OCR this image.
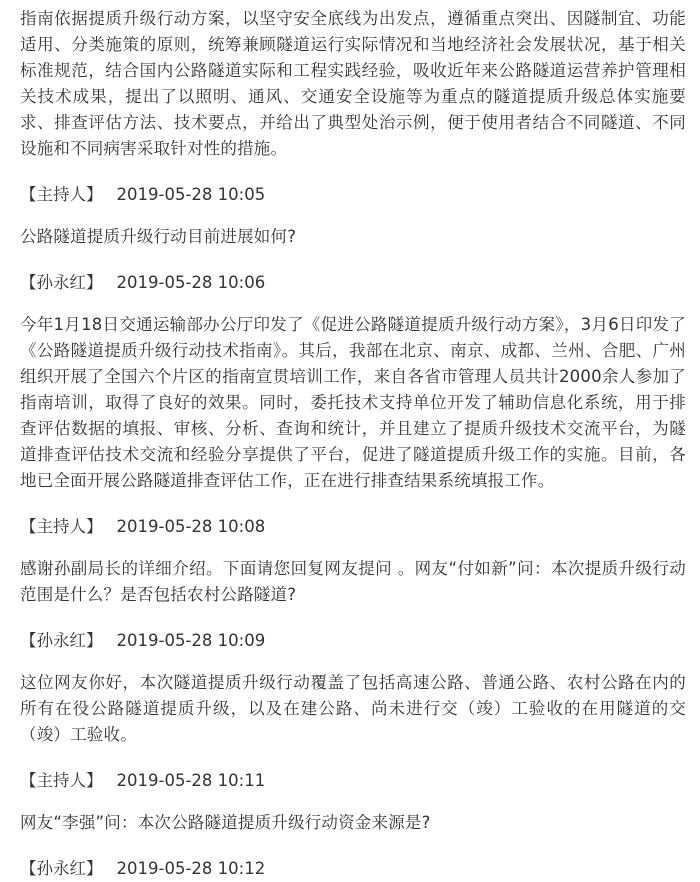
指南依据提质升级行动方案，以坚守安全底线为出发点，遵循重点突出、因隧制宜、功能适用、分类施策的原则，统筹兼顾隧道运行实际情况和当地经济社会发展状况，基于相关标准规范，结合国内公路隧道实际和工程实践经验，吸收近年来公路隧道运营养护管理相关技术成果，提出了以照明、通风、交通安全设施等为重点的隧道提质升级总体实施要求、排查评估方法、技术要点，并给出了典型处治示例，便于使用者结合不同隧道、不同设施和不同病害采取针对性的措施。

【主持人】 2019-05-28 10:05

公路隧道提质升级行动目前进展如何?

【孙永红】 2019-05-28 10:06

今年1月18日交通运输部办公厅印发了《促进公路隧道提质升级行动方案》，3月6日印发了《公路隧道提质升级行动技术指南》。其后，我部在北京、南京、成都、兰州、合肥、广州组织开展了全国六个片区的指南宣贯培训工作，来自各省市管理人员共计2000余人参加了指南培训，取得了良好的效果。同时，委托技术支持单位开发了辅助信息化系统，用于排查评估数据的填报、审核、分析、查询和统计，并且建立了提质升级技术交流平台，为隧道排查评估技术交流和经验分享提供了平台，促进了隧道提质升级工作的实施。目前，各地已全面开展公路隧道排查评估工作，正在进行排查结果系统填报工作。

【主持人】 2019-05-28 10:08

感谢孙副局长的详细介绍。下面请您回复网友提问 。网友“付如新”问：本次提质升级行动范围是什么？是否包括农村公路隧道?

【孙永红】 2019-05-28 10:09

这位网友你好，本次隧道提质升级行动覆盖了包括高速公路、普通公路、农村公路在内的所有在役公路隧道提质升级，以及在建公路、尚未进行交（竣）工验收的在用隧道的交（竣）工验收。

【主持人】 2019-05-28 10:11

网友“李强”问：本次公路隧道提质升级行动资金来源是?

【孙永红】 2019-05-28 10:12
